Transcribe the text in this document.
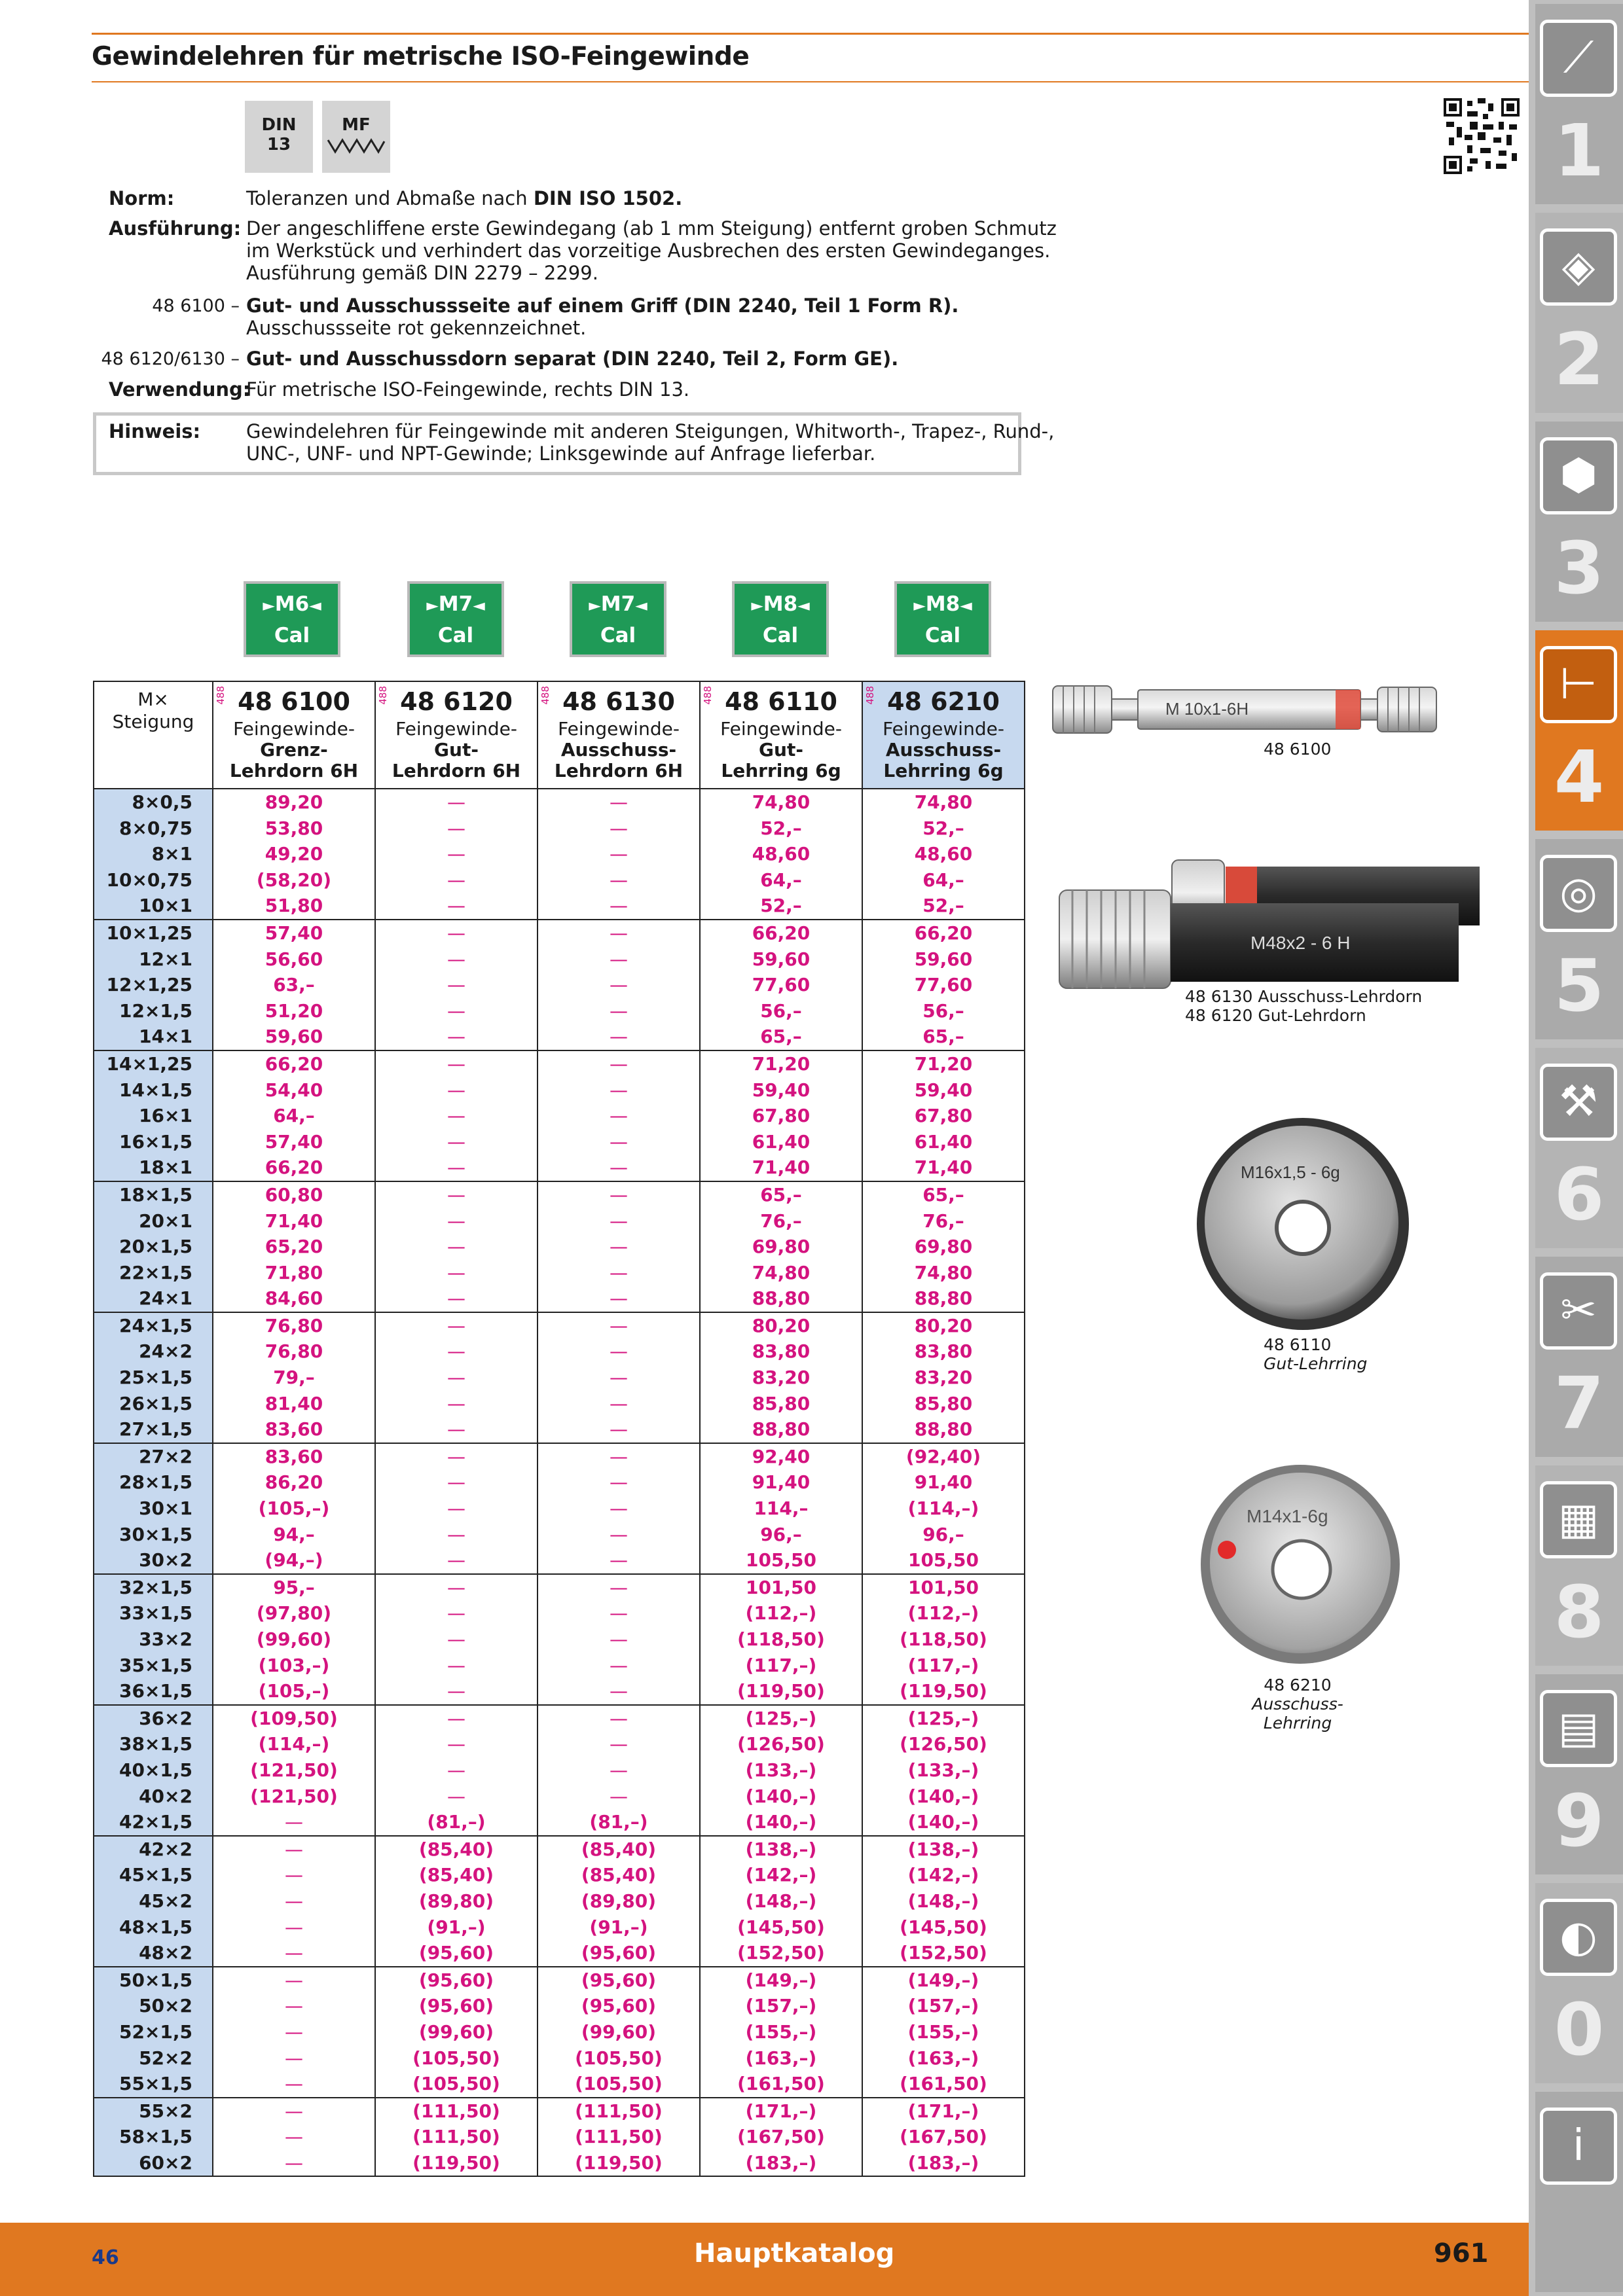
Gewindelehren für metrische ISO-Feingewinde
DIN
13
MF
Norm:	Toleranzen und Abmaße nach DIN ISO 1502.
Ausführung: Der angeschliffene erste Gewindegang (ab 1 mm Steigung) entfernt groben Schmutz
im Werkstück und verhindert das vorzeitige Ausbrechen des ersten Gewindeganges.
Ausführung gemäß DIN 2279 – 2299.
48 6100 – Gut- und Ausschussseite auf einem Griff (DIN 2240, Teil 1 Form R).
Ausschussseite rot gekennzeichnet.
48 6120/6130 – Gut- und Ausschussdorn separat (DIN 2240, Teil 2, Form GE).
Verwendung:
Für metrische ISO-Feingewinde, rechts DIN 13.
Hinweis: Gewindelehren für Feingewinde mit anderen Steigungen, Whitworth-, Trapez-, Rund-,
UNC-, UNF- und NPT-Gewinde; Linksgewinde auf Anfrage lieferbar.
►M6◄
Cal
►M7◄
Cal
►M7◄
Cal
►M8◄
Cal
►M8◄
Cal
M×
Steigung	488 48 6100
Feingewinde-
Grenz-
Lehrdorn 6H	488 48 6120
Feingewinde-
Gut-
Lehrdorn 6H	488 48 6130
Feingewinde-
Ausschuss-
Lehrdorn 6H	488 48 6110
Feingewinde-
Gut-
Lehrring 6g	488 48 6210
Feingewinde-
Ausschuss-
Lehrring 6g

8×0,5	89,20	—	—	74,80	74,80
8×0,75	53,80	—	—	52,–	52,–
8×1	49,20	—	—	48,60	48,60
10×0,75	(58,20)	—	—	64,–	64,–
10×1	51,80	—	—	52,–	52,–
10×1,25	57,40	—	—	66,20	66,20
12×1	56,60	—	—	59,60	59,60
12×1,25	63,–	—	—	77,60	77,60
12×1,5	51,20	—	—	56,–	56,–
14×1	59,60	—	—	65,–	65,–
14×1,25	66,20	—	—	71,20	71,20
14×1,5	54,40	—	—	59,40	59,40
16×1	64,–	—	—	67,80	67,80
16×1,5	57,40	—	—	61,40	61,40
18×1	66,20	—	—	71,40	71,40
18×1,5	60,80	—	—	65,–	65,–
20×1	71,40	—	—	76,–	76,–
20×1,5	65,20	—	—	69,80	69,80
22×1,5	71,80	—	—	74,80	74,80
24×1	84,60	—	—	88,80	88,80
24×1,5	76,80	—	—	80,20	80,20
24×2	76,80	—	—	83,80	83,80
25×1,5	79,–	—	—	83,20	83,20
26×1,5	81,40	—	—	85,80	85,80
27×1,5	83,60	—	—	88,80	88,80
27×2	83,60	—	—	92,40	(92,40)
28×1,5	86,20	—	—	91,40	91,40
30×1	(105,–)	—	—	114,–	(114,–)
30×1,5	94,–	—	—	96,–	96,–
30×2	(94,–)	—	—	105,50	105,50
32×1,5	95,–	—	—	101,50	101,50
33×1,5	(97,80)	—	—	(112,–)	(112,–)
33×2	(99,60)	—	—	(118,50)	(118,50)
35×1,5	(103,–)	—	—	(117,–)	(117,–)
36×1,5	(105,–)	—	—	(119,50)	(119,50)
36×2	(109,50)	—	—	(125,–)	(125,–)
38×1,5	(114,–)	—	—	(126,50)	(126,50)
40×1,5	(121,50)	—	—	(133,–)	(133,–)
40×2	(121,50)	—	—	(140,–)	(140,–)
42×1,5	—	(81,–)	(81,–)	(140,–)	(140,–)
42×2	—	(85,40)	(85,40)	(138,–)	(138,–)
45×1,5	—	(85,40)	(85,40)	(142,–)	(142,–)
45×2	—	(89,80)	(89,80)	(148,–)	(148,–)
48×1,5	—	(91,–)	(91,–)	(145,50)	(145,50)
48×2	—	(95,60)	(95,60)	(152,50)	(152,50)
50×1,5	—	(95,60)	(95,60)	(149,–)	(149,–)
50×2	—	(95,60)	(95,60)	(157,–)	(157,–)
52×1,5	—	(99,60)	(99,60)	(155,–)	(155,–)
52×2	—	(105,50)	(105,50)	(163,–)	(163,–)
55×1,5	—	(105,50)	(105,50)	(161,50)	(161,50)
55×2	—	(111,50)	(111,50)	(171,–)	(171,–)
58×1,5	—	(111,50)	(111,50)	(167,50)	(167,50)
60×2	—	(119,50)	(119,50)	(183,–)	(183,–)
M 10x1-6H
48 6100
M48x2 - 6 H
48 6130 Ausschuss-Lehrdorn
48 6120 Gut-Lehrdorn
M16x1,5 - 6g
48 6110
Gut-Lehrring
M14x1-6g
48 6210
Ausschuss-Lehrring
⟋
1
◈
2
⬢
3
⊢
4
◎
5
⚒
6
✂
7
▦
8
▤
9
◐
0
i
46	Hauptkatalog	961
